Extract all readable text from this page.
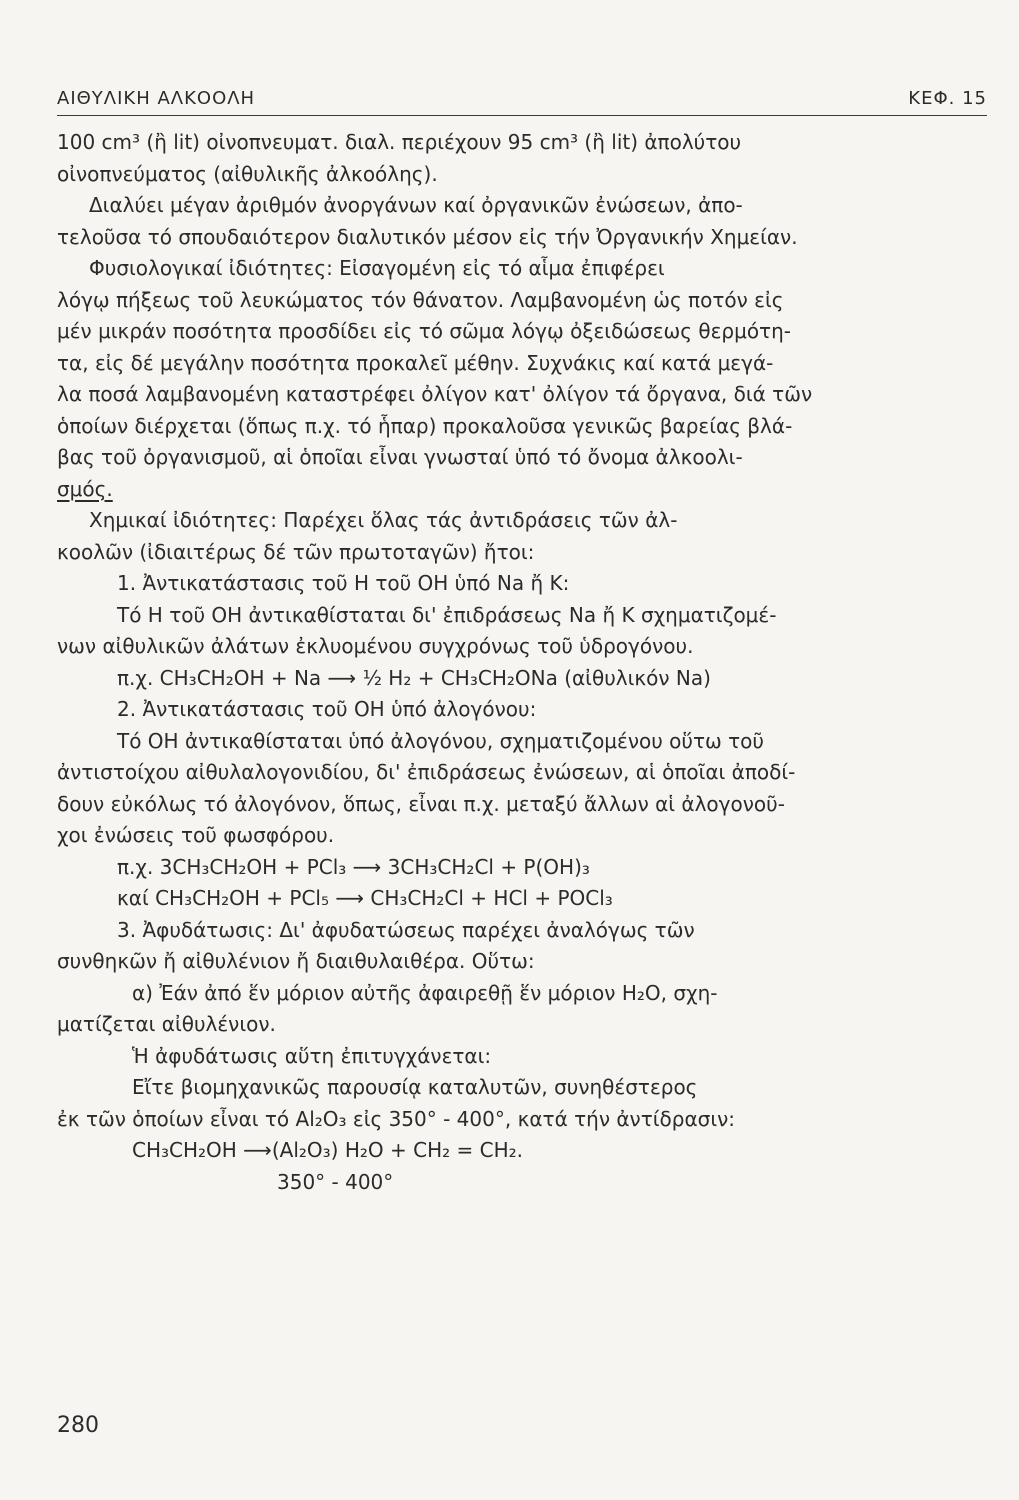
ΑΙΘΥΛΙΚΗ ΑΛΚΟΟΛΗ	ΚΕΦ. 15
100 cm³ (ἢ lit) οἰνοπνευματ. διαλ. περιέχουν 95 cm³ (ἢ lit) ἀπολύτου
οἰνοπνεύματος (αἰθυλικῆς ἀλκοόλης).
Διαλύει μέγαν ἀριθμόν ἀνοργάνων καί ὀργανικῶν ἐνώσεων, ἀπο-
τελοῦσα τό σπουδαιότερον διαλυτικόν μέσον εἰς τήν Ὀργανικήν Χημείαν.
Φυσιολογικαί ἰδιότητες: Εἰσαγομένη εἰς τό αἷμα ἐπιφέρει
λόγῳ πήξεως τοῦ λευκώματος τόν θάνατον. Λαμβανομένη ὡς ποτόν εἰς
μέν μικράν ποσότητα προσδίδει εἰς τό σῶμα λόγῳ ὀξειδώσεως θερμότη-
τα, εἰς δέ μεγάλην ποσότητα προκαλεῖ μέθην. Συχνάκις καί κατά μεγά-
λα ποσά λαμβανομένη καταστρέφει ὀλίγον κατ' ὀλίγον τά ὄργανα, διά τῶν
ὁποίων διέρχεται (ὅπως π.χ. τό ἧπαρ) προκαλοῦσα γενικῶς βαρείας βλά-
βας τοῦ ὀργανισμοῦ, αἱ ὁποῖαι εἶναι γνωσταί ὑπό τό ὄνομα ἀλκοολι-
σμός.
Χημικαί ἰδιότητες: Παρέχει ὅλας τάς ἀντιδράσεις τῶν ἀλ-
κοολῶν (ἰδιαιτέρως δέ τῶν πρωτοταγῶν) ἤτοι:
1. Ἀντικατάστασις τοῦ Η τοῦ ΟΗ ὑπό Νa ἤ Κ:
Τό Η τοῦ ΟΗ ἀντικαθίσταται δι' ἐπιδράσεως Νa ἤ Κ σχηματιζομέ-
νων αἰθυλικῶν ἀλάτων ἐκλυομένου συγχρόνως τοῦ ὑδρογόνου.
π.χ. CH₃CH₂OH + Na ⟶ ½ H₂ + CH₃CH₂ONa (αἰθυλικόν Na)
2. Ἀντικατάστασις τοῦ ΟΗ ὑπό ἀλογόνου:
Τό ΟΗ ἀντικαθίσταται ὑπό ἀλογόνου, σχηματιζομένου οὕτω τοῦ
ἀντιστοίχου αἰθυλαλογονιδίου, δι' ἐπιδράσεως ἐνώσεων, αἱ ὁποῖαι ἀποδί-
δουν εὐκόλως τό ἀλογόνον, ὅπως, εἶναι π.χ. μεταξύ ἄλλων αἱ ἀλογονοῦ-
χοι ἐνώσεις τοῦ φωσφόρου.
π.χ. 3CH₃CH₂OH + PCl₃ ⟶ 3CH₃CH₂Cl + P(OH)₃
καί CH₃CH₂OH + PCl₅ ⟶ CH₃CH₂Cl + HCl + POCl₃
3. Ἀφυδάτωσις: Δι' ἀφυδατώσεως παρέχει ἀναλόγως τῶν
συνθηκῶν ἤ αἰθυλένιον ἤ διαιθυλαιθέρα. Οὕτω:
α) Ἐάν ἀπό ἕν μόριον αὐτῆς ἀφαιρεθῇ ἕν μόριον H₂O, σχη-
ματίζεται αἰθυλένιον.
Ἡ ἀφυδάτωσις αὕτη ἐπιτυγχάνεται:
Εἴτε βιομηχανικῶς παρουσίᾳ καταλυτῶν, συνηθέστερος
ἐκ τῶν ὁποίων εἶναι τό Al₂O₃ εἰς 350° - 400°, κατά τήν ἀντίδρασιν:
CH₃CH₂OH ⟶(Al₂O₃) H₂O + CH₂ = CH₂.
350° - 400°
280
